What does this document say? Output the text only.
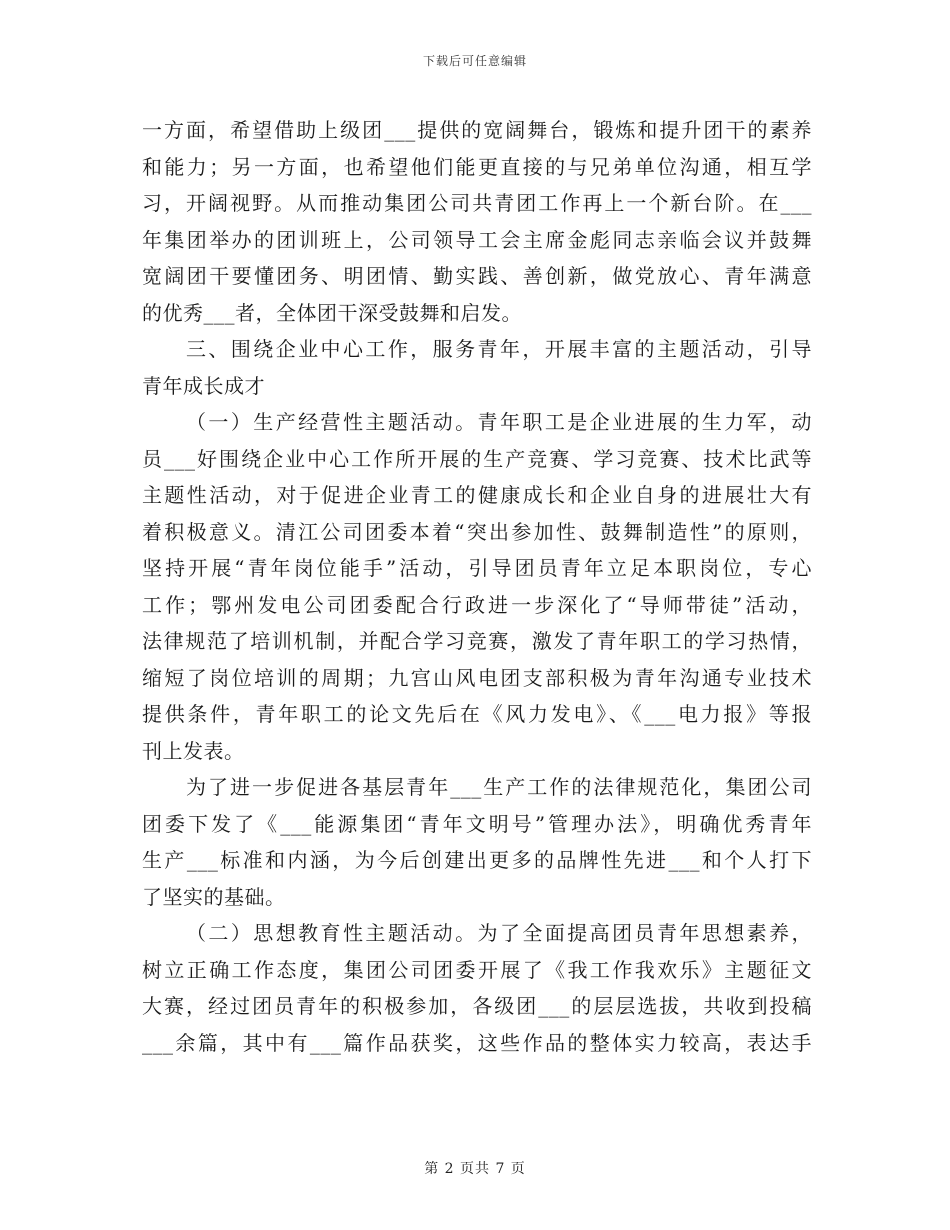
下载后可任意编辑
一方面，希望借助上级团___提供的宽阔舞台，锻炼和提升团干的素养
和能力；另一方面，也希望他们能更直接的与兄弟单位沟通，相互学
习，开阔视野。从而推动集团公司共青团工作再上一个新台阶。在___
年集团举办的团训班上，公司领导工会主席金彪同志亲临会议并鼓舞
宽阔团干要懂团务、明团情、勤实践、善创新，做党放心、青年满意
的优秀___者，全体团干深受鼓舞和启发。
三、围绕企业中心工作，服务青年，开展丰富的主题活动，引导
青年成长成才
（一）生产经营性主题活动。青年职工是企业进展的生力军，动
员___好围绕企业中心工作所开展的生产竞赛、学习竞赛、技术比武等
主题性活动，对于促进企业青工的健康成长和企业自身的进展壮大有
着积极意义。清江公司团委本着“突出参加性、鼓舞制造性”的原则，
坚持开展“青年岗位能手”活动，引导团员青年立足本职岗位，专心
工作；鄂州发电公司团委配合行政进一步深化了“导师带徒”活动，
法律规范了培训机制，并配合学习竞赛，激发了青年职工的学习热情，
缩短了岗位培训的周期；九宫山风电团支部积极为青年沟通专业技术
提供条件，青年职工的论文先后在《风力发电》、《___电力报》等报
刊上发表。
为了进一步促进各基层青年___生产工作的法律规范化，集团公司
团委下发了《___能源集团“青年文明号”管理办法》，明确优秀青年
生产___标准和内涵，为今后创建出更多的品牌性先进___和个人打下
了坚实的基础。
（二）思想教育性主题活动。为了全面提高团员青年思想素养，
树立正确工作态度，集团公司团委开展了《我工作我欢乐》主题征文
大赛，经过团员青年的积极参加，各级团___的层层选拔，共收到投稿
___余篇，其中有___篇作品获奖，这些作品的整体实力较高，表达手
第 2 页共 7 页
